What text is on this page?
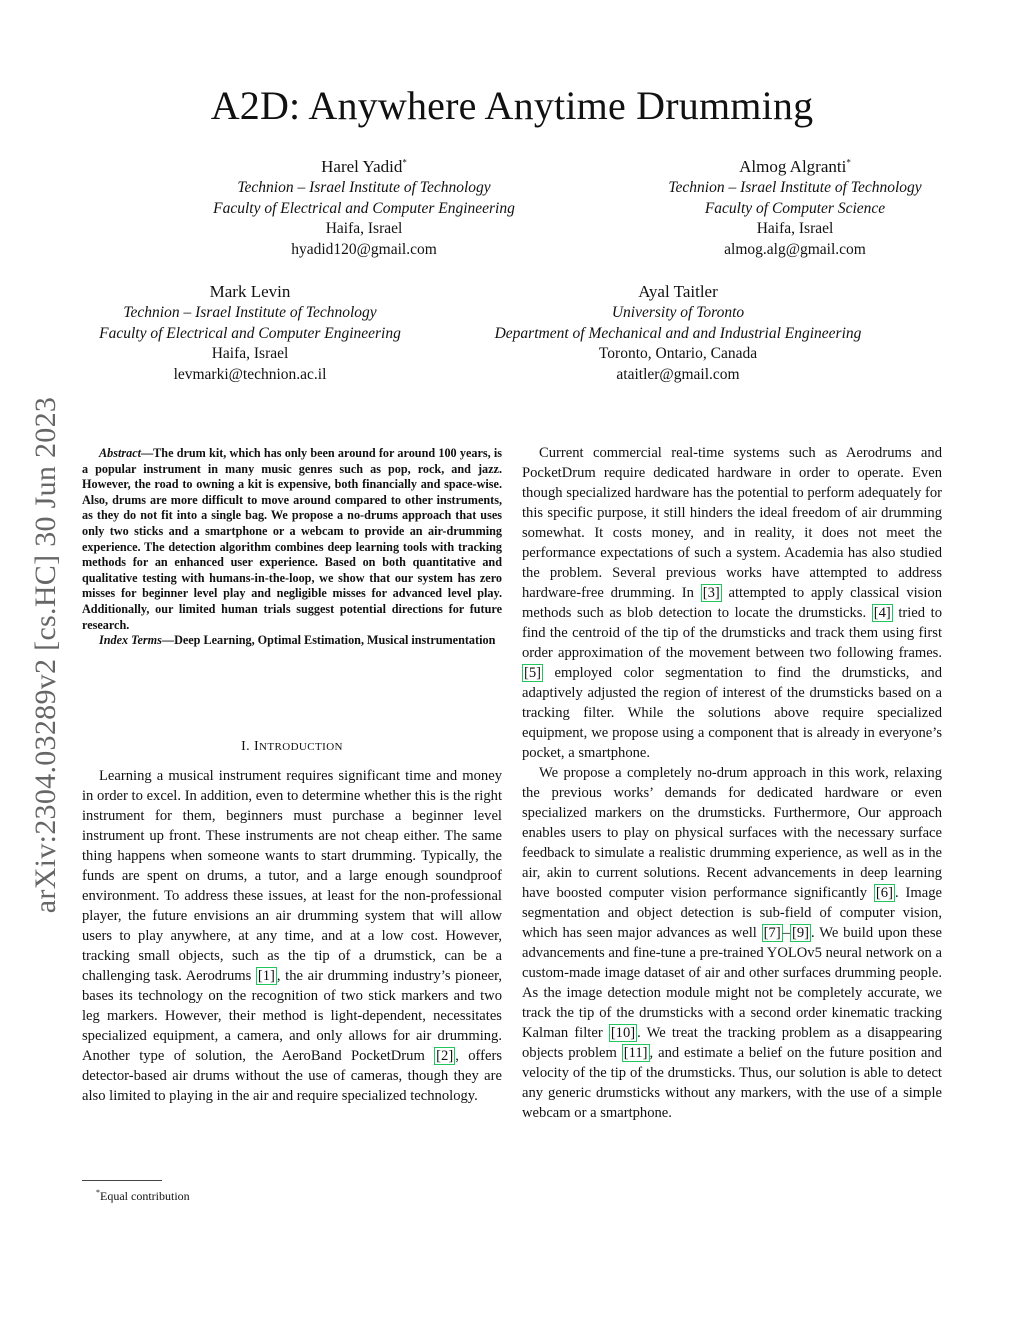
A2D: Anywhere Anytime Drumming
Harel Yadid*
Technion – Israel Institute of Technology
Faculty of Electrical and Computer Engineering
Haifa, Israel
hyadid120@gmail.com
Almog Algranti*
Technion – Israel Institute of Technology
Faculty of Computer Science
Haifa, Israel
almog.alg@gmail.com
Mark Levin
Technion – Israel Institute of Technology
Faculty of Electrical and Computer Engineering
Haifa, Israel
levmarki@technion.ac.il
Ayal Taitler
University of Toronto
Department of Mechanical and and Industrial Engineering
Toronto, Ontario, Canada
ataitler@gmail.com
arXiv:2304.03289v2 [cs.HC] 30 Jun 2023	Abstract—The drum kit, which has only been around for around 100 years, is a popular instrument in many music genres such as pop, rock, and jazz. However, the road to owning a kit is expensive, both financially and space-wise. Also, drums are more difficult to move around compared to other instruments, as they do not fit into a single bag. We propose a no-drums approach that uses only two sticks and a smartphone or a webcam to provide an air-drumming experience. The detection algorithm combines deep learning tools with tracking methods for an enhanced user experience. Based on both quantitative and qualitative testing with humans-in-the-loop, we show that our system has zero misses for beginner level play and negligible misses for advanced level play. Additionally, our limited human trials suggest potential directions for future research.

Index Terms—Deep Learning, Optimal Estimation, Musical instrumentation

I. INTRODUCTION

Learning a musical instrument requires significant time and money in order to excel. In addition, even to determine whether this is the right instrument for them, beginners must purchase a beginner level instrument up front. These instruments are not cheap either. The same thing happens when someone wants to start drumming. Typically, the funds are spent on drums, a tutor, and a large enough soundproof environment. To address these issues, at least for the non-professional player, the future envisions an air drumming system that will allow users to play anywhere, at any time, and at a low cost. However, tracking small objects, such as the tip of a drumstick, can be a challenging task. Aerodrums [1] , the air drumming industry’s pioneer, bases its technology on the recognition of two stick markers and two leg markers. However, their method is light-dependent, necessitates specialized equipment, a camera, and only allows for air drumming. Another type of solution, the AeroBand PocketDrum [2] , offers detector-based air drums without the use of cameras, though they are also limited to playing in the air and require specialized technology.

*Equal contribution

Current commercial real-time systems such as Aerodrums and PocketDrum require dedicated hardware in order to operate. Even though specialized hardware has the potential to perform adequately for this specific purpose, it still hinders the ideal freedom of air drumming somewhat. It costs money, and in reality, it does not meet the performance expectations of such a system. Academia has also studied the problem. Several previous works have attempted to address hardware-free drumming. In [3] attempted to apply classical vision methods such as blob detection to locate the drumsticks. [4] tried to find the centroid of the tip of the drumsticks and track them using first order approximation of the movement between two following frames. [5] employed color segmentation to find the drumsticks, and adaptively adjusted the region of interest of the drumsticks based on a tracking filter. While the solutions above require specialized equipment, we propose using a component that is already in everyone’s pocket, a smartphone.

We propose a completely no-drum approach in this work, relaxing the previous works’ demands for dedicated hardware or even specialized markers on the drumsticks. Furthermore, Our approach enables users to play on physical surfaces with the necessary surface feedback to simulate a realistic drumming experience, as well as in the air, akin to current solutions. Recent advancements in deep learning have boosted computer vision performance significantly [6] . Image segmentation and object detection is sub-field of computer vision, which has seen major advances as well [7] – [9] . We build upon these advancements and fine-tune a pre-trained YOLOv5 neural network on a custom-made image dataset of air and other surfaces drumming people. As the image detection module might not be completely accurate, we track the tip of the drumsticks with a second order kinematic tracking Kalman filter [10] . We treat the tracking problem as a disappearing objects problem [11] , and estimate a belief on the future position and velocity of the tip of the drumsticks. Thus, our solution is able to detect any generic drumsticks without any markers, with the use of a simple webcam or a smartphone.
